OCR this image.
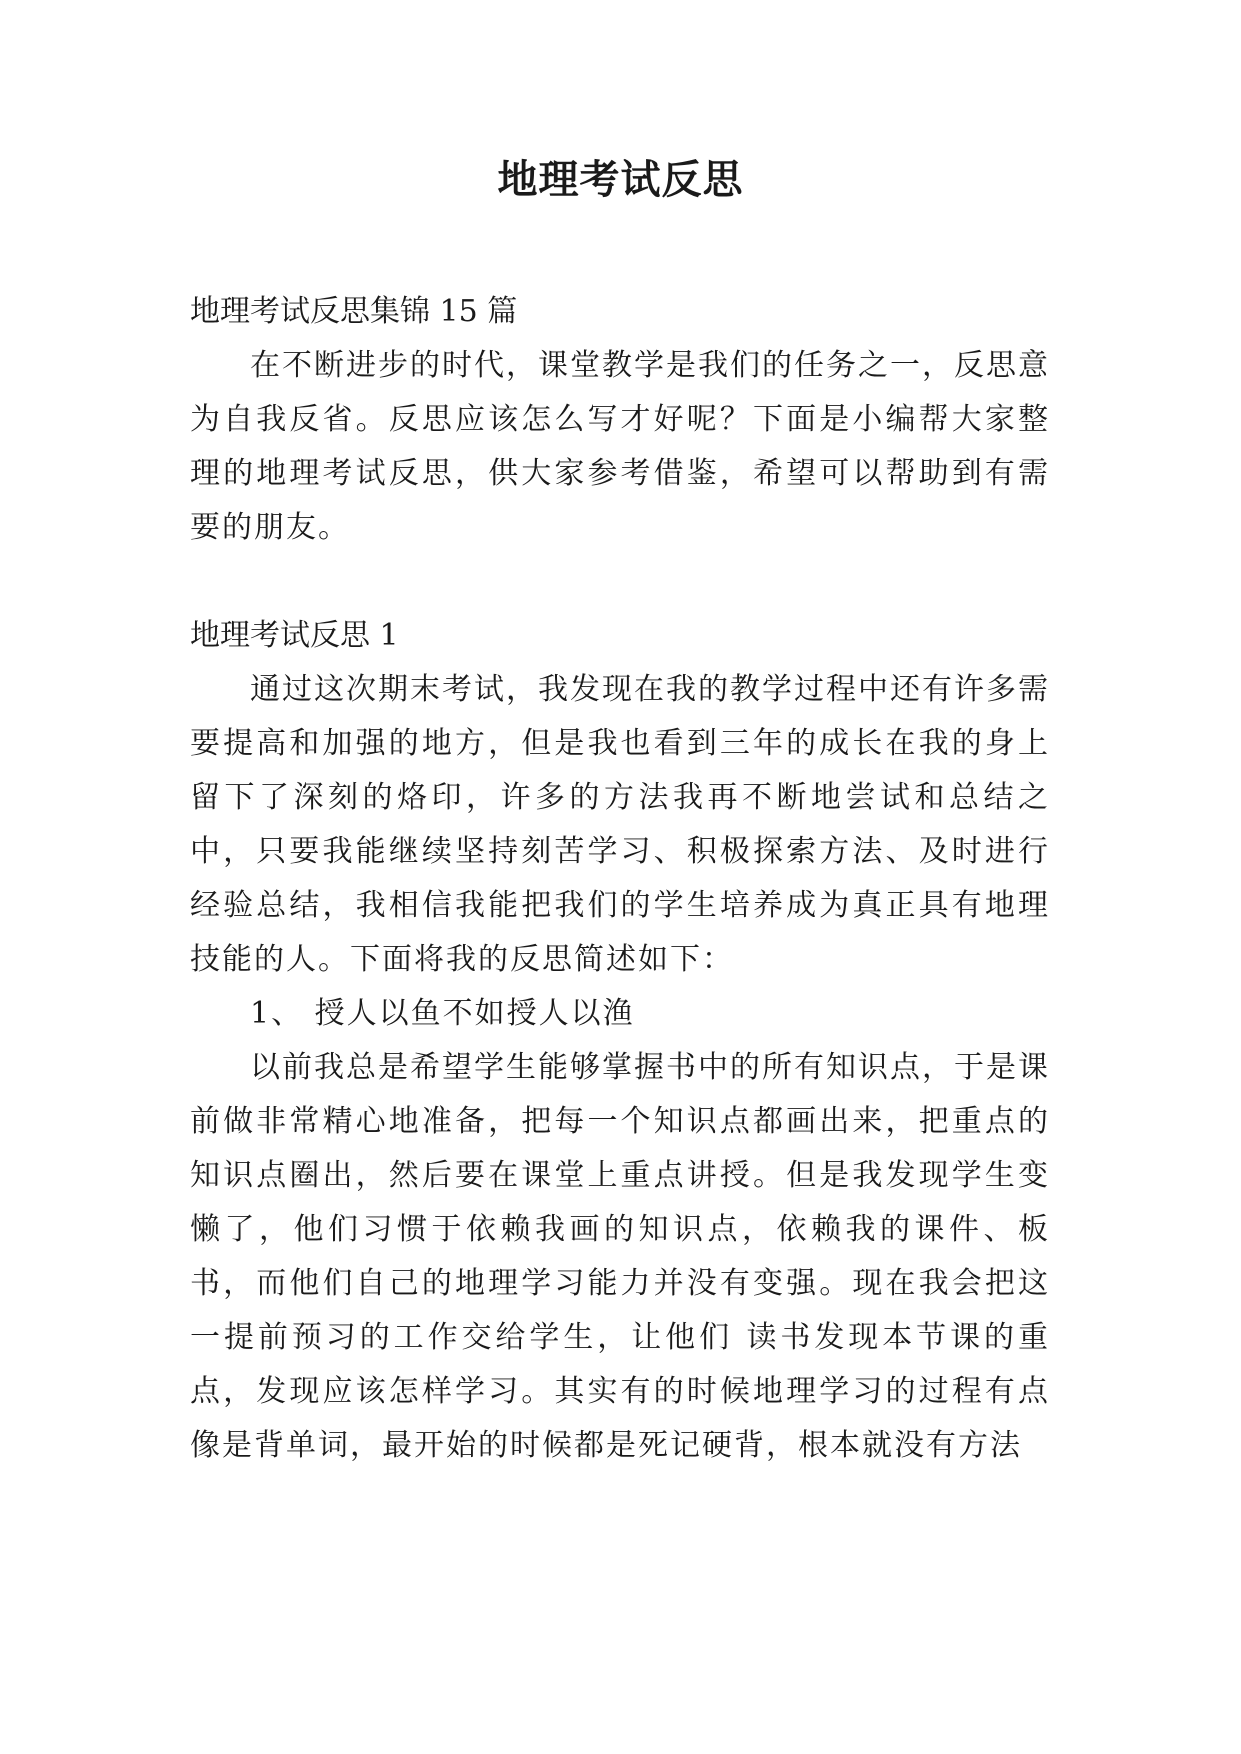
地理考试反思

地理考试反思集锦 15 篇

在不断进步的时代，课堂教学是我们的任务之一，反思意为自我反省。反思应该怎么写才好呢？下面是小编帮大家整理的地理考试反思，供大家参考借鉴，希望可以帮助到有需要的朋友。

地理考试反思 1

通过这次期末考试，我发现在我的教学过程中还有许多需要提高和加强的地方，但是我也看到三年的成长在我的身上留下了深刻的烙印，许多的方法我再不断地尝试和总结之中，只要我能继续坚持刻苦学习、积极探索方法、及时进行经验总结，我相信我能把我们的学生培养成为真正具有地理技能的人。下面将我的反思简述如下：

1、 授人以鱼不如授人以渔

以前我总是希望学生能够掌握书中的所有知识点，于是课前做非常精心地准备，把每一个知识点都画出来，把重点的知识点圈出，然后要在课堂上重点讲授。但是我发现学生变懒了，他们习惯于依赖我画的知识点，依赖我的课件、板书，而他们自己的地理学习能力并没有变强。现在我会把这一提前预习的工作交给学生，让他们 读书发现本节课的重点，发现应该怎样学习。其实有的时候地理学习的过程有点像是背单词，最开始的时候都是死记硬背，根本就没有方法
